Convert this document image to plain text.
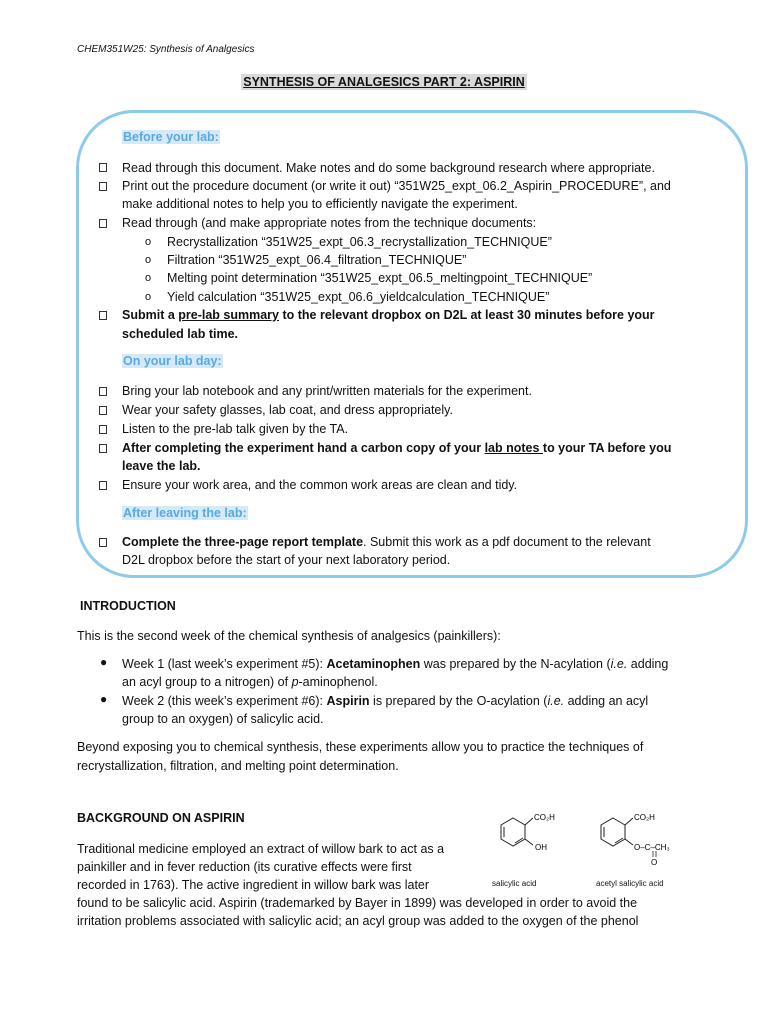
CHEM351W25: Synthesis of Analgesics
SYNTHESIS OF ANALGESICS PART 2: ASPIRIN
Before your lab:
Read through this document. Make notes and do some background research where appropriate.
Print out the procedure document (or write it out) “351W25_expt_06.2_Aspirin_PROCEDURE”, and
make additional notes to help you to efficiently navigate the experiment.
Read through (and make appropriate notes from the technique documents:
o Recrystallization “351W25_expt_06.3_recrystallization_TECHNIQUE”
o Filtration “351W25_expt_06.4_filtration_TECHNIQUE”
o Melting point determination “351W25_expt_06.5_meltingpoint_TECHNIQUE”
o Yield calculation “351W25_expt_06.6_yieldcalculation_TECHNIQUE”
Submit a pre-lab summary to the relevant dropbox on D2L at least 30 minutes before your
scheduled lab time.
On your lab day:
Bring your lab notebook and any print/written materials for the experiment.
Wear your safety glasses, lab coat, and dress appropriately.
Listen to the pre-lab talk given by the TA.
After completing the experiment hand a carbon copy of your lab notes to your TA before you
leave the lab.
Ensure your work area, and the common work areas are clean and tidy.
After leaving the lab:
Complete the three-page report template. Submit this work as a pdf document to the relevant
D2L dropbox before the start of your next laboratory period.
INTRODUCTION
This is the second week of the chemical synthesis of analgesics (painkillers):
● Week 1 (last week’s experiment #5): Acetaminophen was prepared by the N-acylation (i.e. adding
an acyl group to a nitrogen) of p-aminophenol.
● Week 2 (this week’s experiment #6): Aspirin is prepared by the O-acylation (i.e. adding an acyl
group to an oxygen) of salicylic acid.
Beyond exposing you to chemical synthesis, these experiments allow you to practice the techniques of
recrystallization, filtration, and melting point determination.
BACKGROUND ON ASPIRIN
Traditional medicine employed an extract of willow bark to act as a
painkiller and in fever reduction (its curative effects were first
recorded in 1763). The active ingredient in willow bark was later
found to be salicylic acid. Aspirin (trademarked by Bayer in 1899) was developed in order to avoid the
irritation problems associated with salicylic acid; an acyl group was added to the oxygen of the phenol
CO₂H
OH
salicylic acid
CO₂H
O–C–CH₃
O
acetyl salicylic acid
